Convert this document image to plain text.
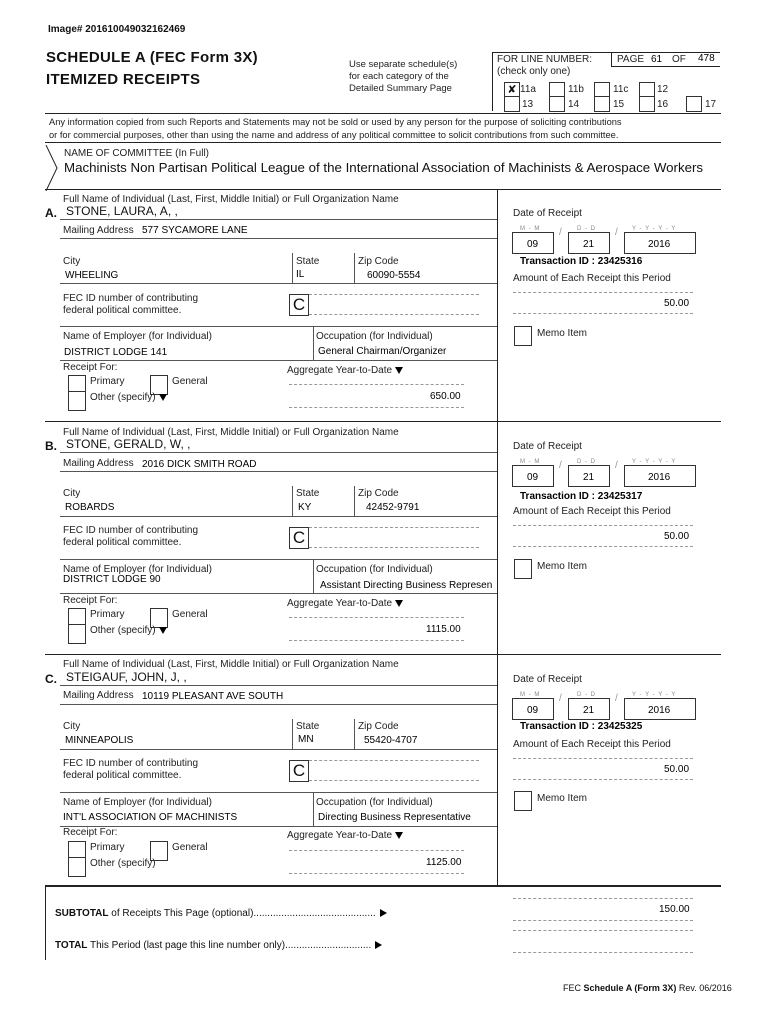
Image# 201610049032162469
SCHEDULE A (FEC Form 3X)
ITEMIZED RECEIPTS
Use separate schedule(s)
for each category of the
Detailed Summary Page
FOR LINE NUMBER:
(check only one)
PAGE 61 OF 478
✘ 11a	11b	11c	12
13	14	15	16	17
Any information copied from such Reports and Statements may not be sold or used by any person for the purpose of soliciting contributions
or for commercial purposes, other than using the name and address of any political committee to solicit contributions from such committee.
NAME OF COMMITTEE (In Full)
Machinists Non Partisan Political League of the International Association of Machinists & Aerospace Workers
Full Name of Individual (Last, First, Middle Initial) or Full Organization Name
A. STONE, LAURA, A, ,
Mailing Address 577 SYCAMORE LANE
City
WHEELING
State
IL
Zip Code
60090-5554
FEC ID number of contributing
federal political committee.	C
Name of Employer (for Individual)
DISTRICT LODGE 141
Occupation (for Individual)
General Chairman/Organizer
Receipt For:
Primary	General
Other (specify)
Aggregate Year-to-Date
650.00
Date of Receipt
M - M
09
/	D - D
21
/ Y - Y - Y - Y
2016
Transaction ID : 23425316
Amount of Each Receipt this Period
50.00
Memo Item
Full Name of Individual (Last, First, Middle Initial) or Full Organization Name
B. STONE, GERALD, W, ,
Mailing Address 2016 DICK SMITH ROAD
City
ROBARDS
State
KY
Zip Code
42452-9791
FEC ID number of contributing
federal political committee.	C
Name of Employer (for Individual)
DISTRICT LODGE 90
Occupation (for Individual)
Assistant Directing Business Represen
Receipt For:
Primary	General
Other (specify)
Aggregate Year-to-Date
1115.00
Date of Receipt
M - M
09
/	D - D
21
/ Y - Y - Y - Y
2016
Transaction ID : 23425317
Amount of Each Receipt this Period
50.00
Memo Item
Full Name of Individual (Last, First, Middle Initial) or Full Organization Name
C. STEIGAUF, JOHN, J, ,
Mailing Address 10119 PLEASANT AVE SOUTH
City
MINNEAPOLIS
State
MN
Zip Code
55420-4707
FEC ID number of contributing
federal political committee.	C
Name of Employer (for Individual)
INT'L ASSOCIATION OF MACHINISTS
Occupation (for Individual)
Directing Business Representative
Receipt For:
Primary	General
Other (specify)
Aggregate Year-to-Date
1125.00
Date of Receipt
M - M
09
/	D - D
21
/ Y - Y - Y - Y
2016
Transaction ID : 23425325
Amount of Each Receipt this Period
50.00
Memo Item
SUBTOTAL of Receipts This Page (optional)............................................	150.00
TOTAL This Period (last page this line number only)...............................
FEC Schedule A (Form 3X) Rev. 06/2016
